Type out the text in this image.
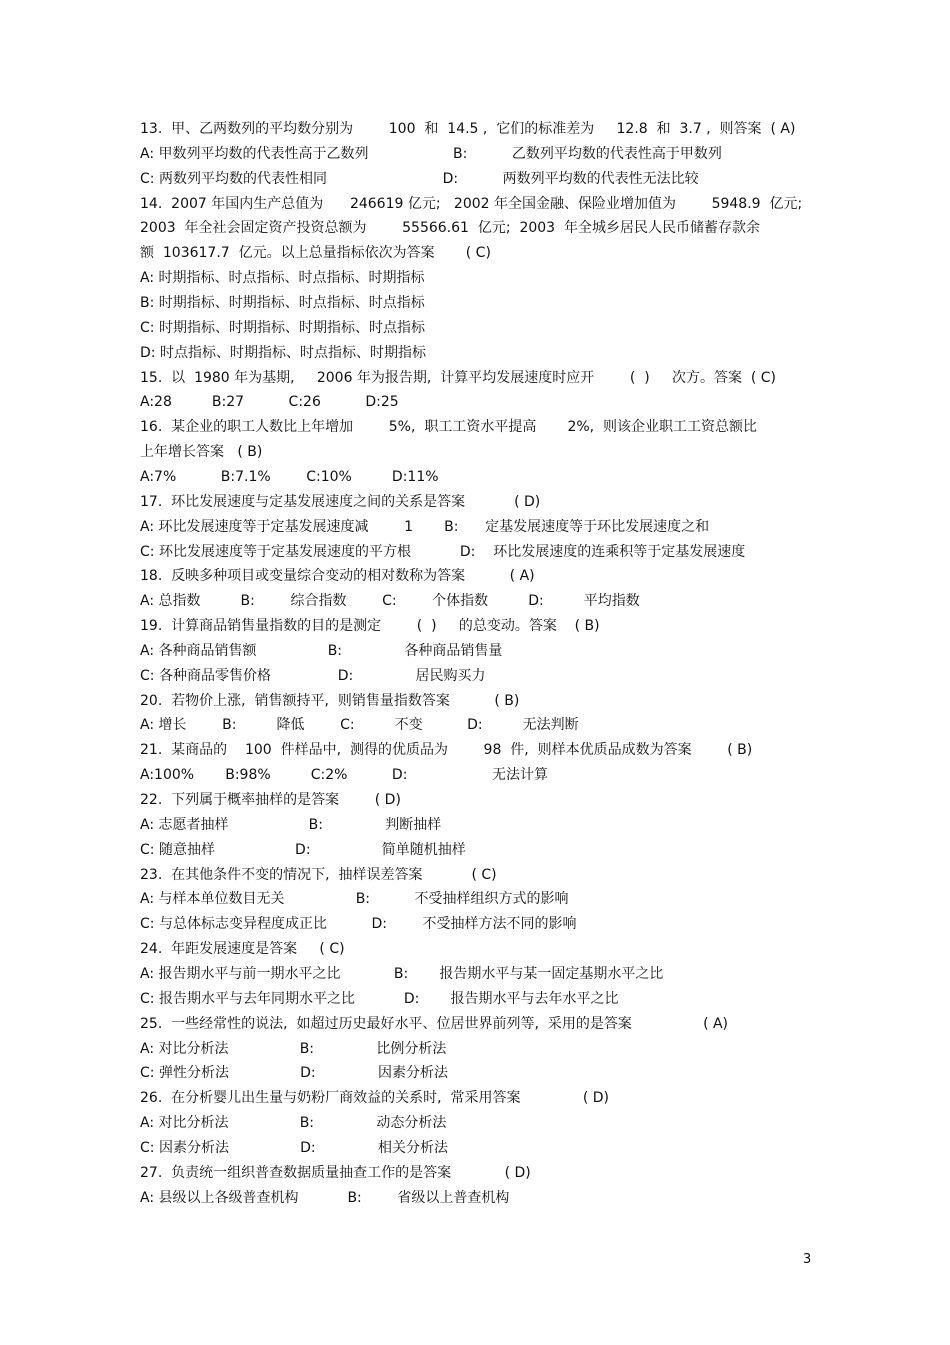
13.  甲、乙两数列的平均数分别为        100  和  14.5 ,  它们的标准差为     12.8  和  3.7 ,  则答案  ( A)
A: 甲数列平均数的代表性高于乙数列                   B:          乙数列平均数的代表性高于甲数列
C: 两数列平均数的代表性相同                          D:          两数列平均数的代表性无法比较
14.  2007 年国内生产总值为      246619 亿元;   2002 年全国金融、保险业增加值为        5948.9  亿元;
2003  年全社会固定资产投资总额为        55566.61  亿元;  2003  年全城乡居民人民币储蓄存款余
额  103617.7  亿元。以上总量指标依次为答案       ( C)
A: 时期指标、时点指标、时点指标、时期指标
B: 时期指标、时期指标、时点指标、时点指标
C: 时期指标、时期指标、时期指标、时点指标
D: 时点指标、时期指标、时点指标、时期指标
15.  以  1980 年为基期,     2006 年为报告期,  计算平均发展速度时应开        (  )     次方。答案  ( C)
A:28         B:27          C:26          D:25
16.  某企业的职工人数比上年增加        5%,  职工工资水平提高       2%,  则该企业职工工资总额比
上年增长答案   ( B)
A:7%          B:7.1%        C:10%         D:11%
17.  环比发展速度与定基发展速度之间的关系是答案           ( D)
A: 环比发展速度等于定基发展速度减        1       B:      定基发展速度等于环比发展速度之和
C: 环比发展速度等于定基发展速度的平方根           D:    环比发展速度的连乘积等于定基发展速度
18.  反映多种项目或变量综合变动的相对数称为答案          ( A)
A: 总指数         B:        综合指数        C:        个体指数         D:         平均指数
19.  计算商品销售量指数的目的是测定        (  )     的总变动。答案    ( B)
A: 各种商品销售额                B:              各种商品销售量
C: 各种商品零售价格               D:              居民购买力
20.  若物价上涨,  销售额持平,  则销售量指数答案          ( B)
A: 增长        B:         降低        C:         不变          D:         无法判断
21.  某商品的    100  件样品中,  测得的优质品为        98  件,  则样本优质品成数为答案        ( B)
A:100%       B:98%         C:2%          D:                   无法计算
22.  下列属于概率抽样的是答案        ( D)
A: 志愿者抽样                  B:              判断抽样
C: 随意抽样                  D:                简单随机抽样
23.  在其他条件不变的情况下,  抽样误差答案           ( C)
A: 与样本单位数目无关                B:          不受抽样组织方式的影响
C: 与总体标志变异程度成正比          D:        不受抽样方法不同的影响
24.  年距发展速度是答案     ( C)
A: 报告期水平与前一期水平之比            B:       报告期水平与某一固定基期水平之比
C: 报告期水平与去年同期水平之比           D:       报告期水平与去年水平之比
25.  一些经常性的说法,  如超过历史最好水平、位居世界前列等,  采用的是答案                ( A)
A: 对比分析法                B:              比例分析法
C: 弹性分析法                D:              因素分析法
26.  在分析婴儿出生量与奶粉厂商效益的关系时,  常采用答案              ( D)
A: 对比分析法                B:              动态分析法
C: 因素分析法                D:              相关分析法
27.  负责统一组织普查数据质量抽查工作的是答案            ( D)
A: 县级以上各级普查机构           B:        省级以上普查机构
3
